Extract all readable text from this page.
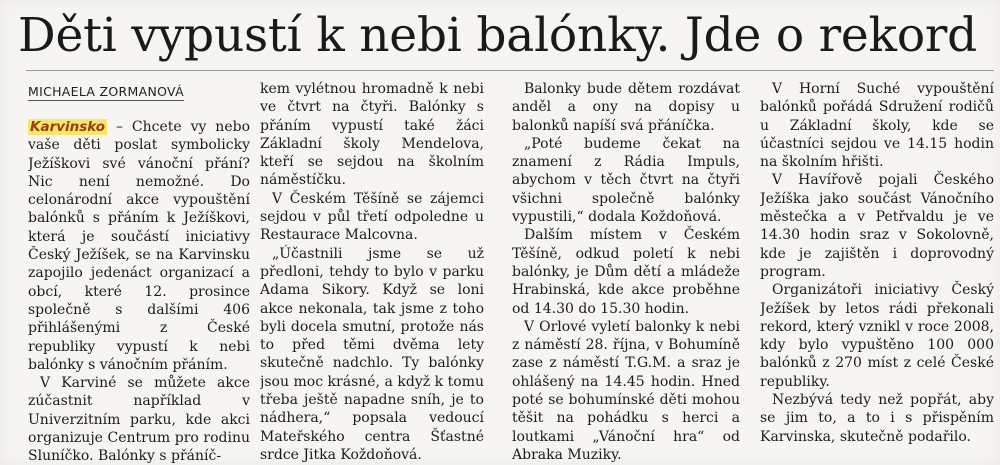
Děti vypustí k nebi balónky. Jde o rekord
MICHAELA ZORMANOVÁ

Karvinsko – Chcete vy nebo vaše děti poslat symbolicky Ježíškovi své vánoční přání? Nic není nemožné. Do celonárodní akce vypouštění balónků s přáním k Ježíškovi, která je součástí iniciativy Český Ježíšek, se na Karvinsku zapojilo jedenáct organizací a obcí, které 12. prosince společně s dalšími 406 přihlášenými z České republiky vypustí k nebi balónky s vánočním přáním.

V Karviné se můžete akce zúčastnit například v Univerzitním parku, kde akci organizuje Centrum pro rodinu Sluníčko. Balónky s přáníč-

kem vylétnou hromadně k nebi ve čtvrt na čtyři. Balónky s přáním vypustí také žáci Základní školy Mendelova, kteří se sejdou na školním náměstíčku.

V Českém Těšíně se zájemci sejdou v půl třetí odpoledne u Restaurace Malcovna.

„Účastnili jsme se už předloni, tehdy to bylo v parku Adama Sikory. Když se loni akce nekonala, tak jsme z toho byli docela smutní, protože nás to před těmi dvěma lety skutečně nadchlo. Ty balónky jsou moc krásné, a když k tomu třeba ještě napadne sníh, je to nádhera,“ popsala vedoucí Mateřského centra Šťastné srdce Jitka Koždoňová.

Balonky bude dětem rozdávat anděl a ony na dopisy u balonků napíší svá přáníčka.

„Poté budeme čekat na znamení z Rádia Impuls, abychom v těch čtvrt na čtyři všichni společně balónky vypustili,“ dodala Koždoňová.

Dalším místem v Českém Těšíně, odkud poletí k nebi balónky, je Dům dětí a mládeže Hrabinská, kde akce proběhne od 14.30 do 15.30 hodin.

V Orlové vyletí balonky k nebi z náměstí 28. října, v Bohumíně zase z náměstí T.G.M. a sraz je ohlášený na 14.45 hodin. Hned poté se bohumínské děti mohou těšit na pohádku s herci a loutkami „Vánoční hra“ od Abraka Muziky.

V Horní Suché vypouštění balónků pořádá Sdružení rodičů u Základní školy, kde se účastníci sejdou ve 14.15 hodin na školním hřišti.

V Havířově pojali Českého Ježíška jako součást Vánočního městečka a v Petřvaldu je ve 14.30 hodin sraz v Sokolovně, kde je zajištěn i doprovodný program.

Organizátoři iniciativy Český Ježíšek by letos rádi překonali rekord, který vznikl v roce 2008, kdy bylo vypuštěno 100 000 balónků z 270 míst z celé České republiky.

Nezbývá tedy než popřát, aby se jim to, a to i s přispěním Karvinska, skutečně podařilo.
